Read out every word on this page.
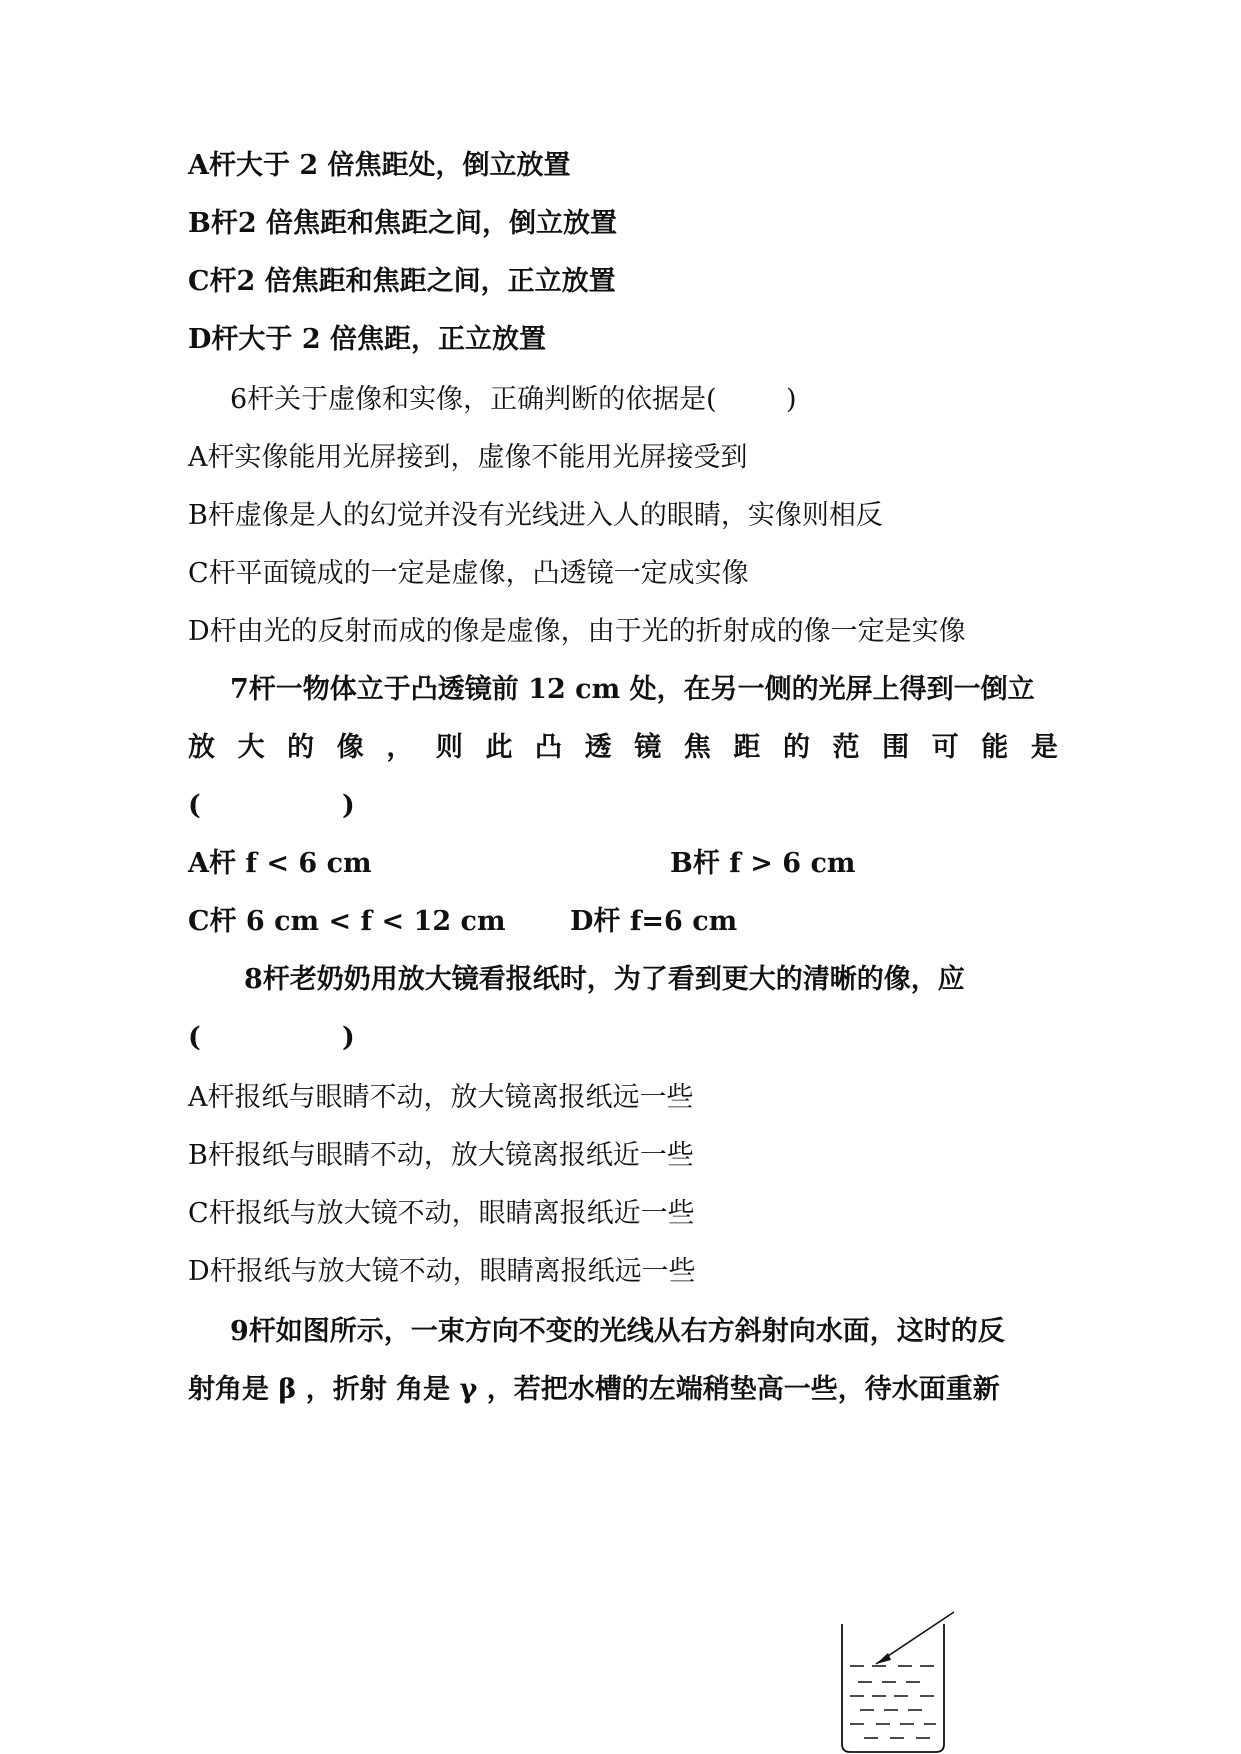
A杆大于 2 倍焦距处，倒立放置
B杆2 倍焦距和焦距之间，倒立放置
C杆2 倍焦距和焦距之间，正立放置
D杆大于 2 倍焦距，正立放置
6杆关于虚像和实像，正确判断的依据是(	)
A杆实像能用光屏接到，虚像不能用光屏接受到
B杆虚像是人的幻觉并没有光线进入人的眼睛，实像则相反
C杆平面镜成的一定是虚像，凸透镜一定成实像
D杆由光的反射而成的像是虚像，由于光的折射成的像一定是实像
7杆一物体立于凸透镜前 12 cm 处，在另一侧的光屏上得到一倒立
放 大 的 像 ， 则 此 凸 透 镜 焦 距 的 范 围 可 能 是
(	)
A杆 f < 6 cm	B杆 f > 6 cm
C杆 6 cm < f < 12 cm D杆 f=6 cm
8杆老奶奶用放大镜看报纸时，为了看到更大的清晰的像，应
(	)
A杆报纸与眼睛不动，放大镜离报纸远一些
B杆报纸与眼睛不动，放大镜离报纸近一些
C杆报纸与放大镜不动，眼睛离报纸近一些
D杆报纸与放大镜不动，眼睛离报纸远一些
9杆如图所示，一束方向不变的光线从右方斜射向水面，这时的反
射角是 β ，折射 角是 γ ，若把水槽的左端稍垫高一些，待水面重新
